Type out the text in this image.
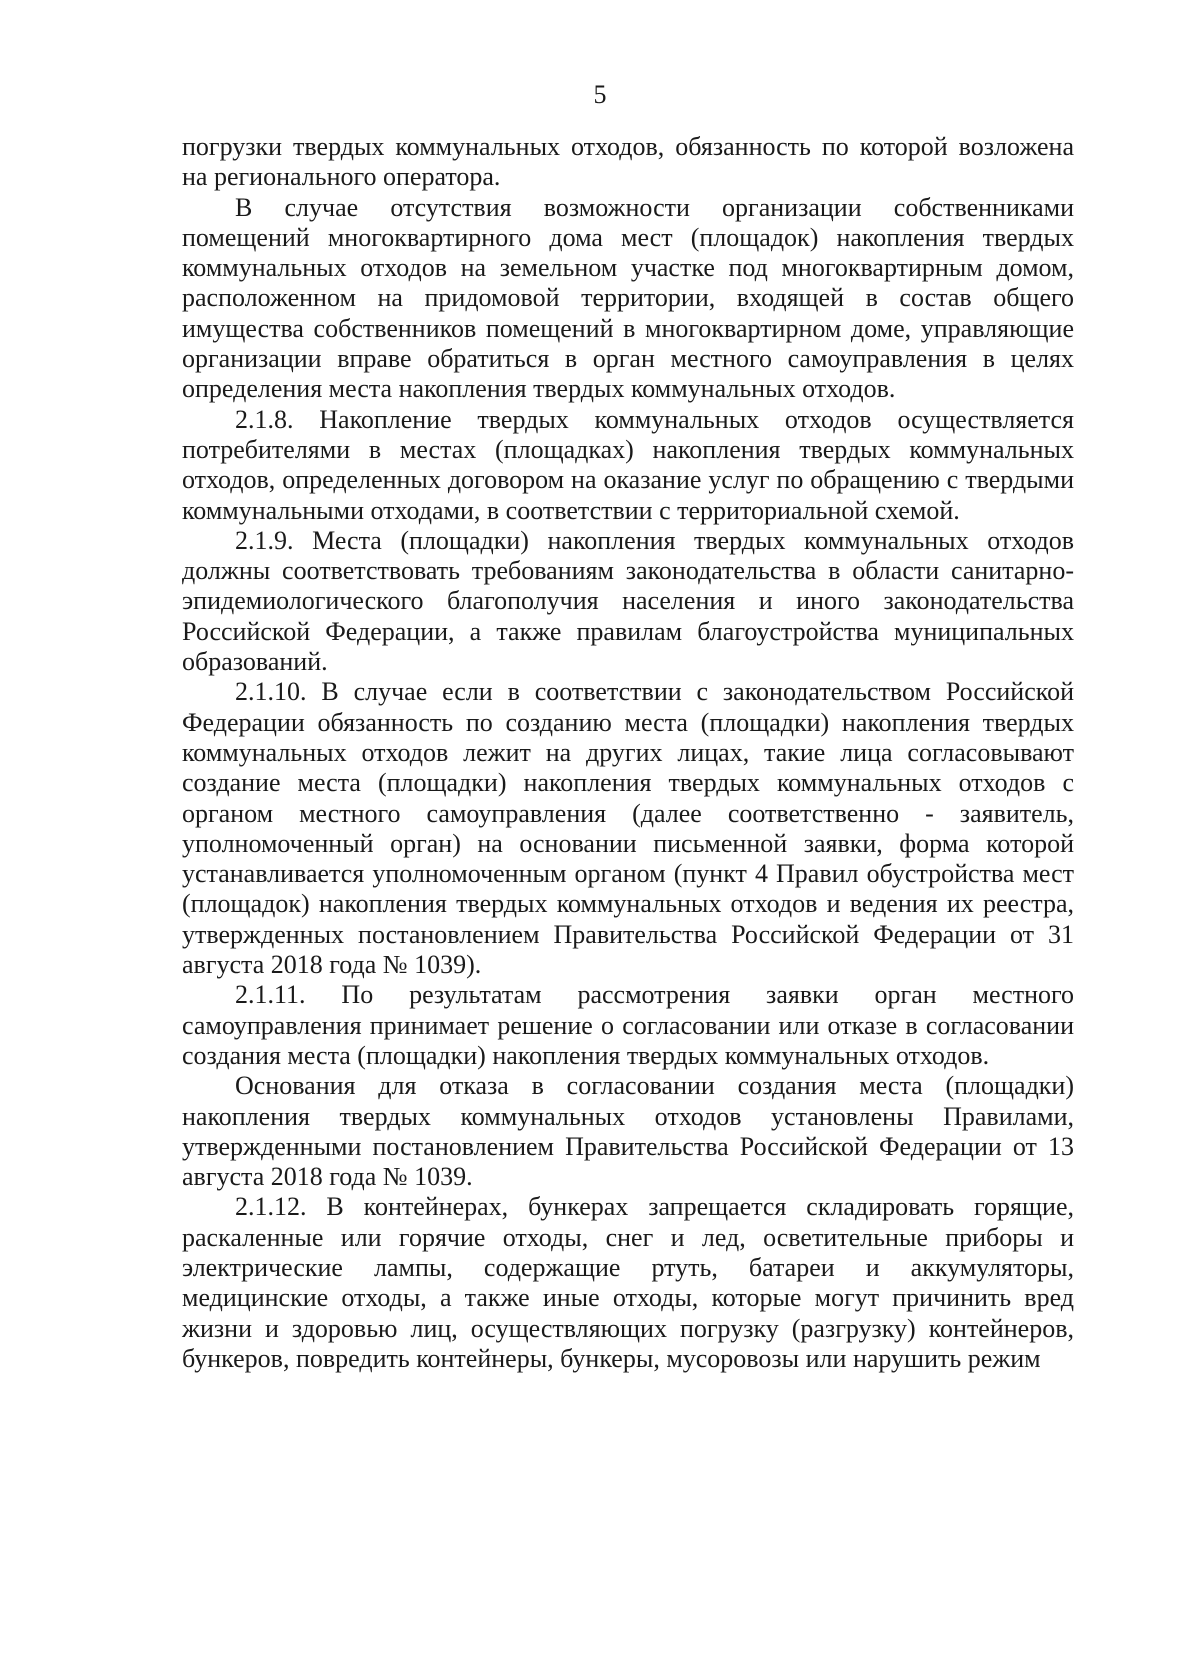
5

погрузки твердых коммунальных отходов, обязанность по которой возложена на регионального оператора.

В случае отсутствия возможности организации собственниками помещений многоквартирного дома мест (площадок) накопления твердых коммунальных отходов на земельном участке под многоквартирным домом, расположенном на придомовой территории, входящей в состав общего имущества собственников помещений в многоквартирном доме, управляющие организации вправе обратиться в орган местного самоуправления в целях определения места накопления твердых коммунальных отходов.

2.1.8. Накопление твердых коммунальных отходов осуществляется потребителями в местах (площадках) накопления твердых коммунальных отходов, определенных договором на оказание услуг по обращению с твердыми коммунальными отходами, в соответствии с территориальной схемой.

2.1.9. Места (площадки) накопления твердых коммунальных отходов должны соответствовать требованиям законодательства в области санитарно-эпидемиологического благополучия населения и иного законодательства Российской Федерации, а также правилам благоустройства муниципальных образований.

2.1.10. В случае если в соответствии с законодательством Российской Федерации обязанность по созданию места (площадки) накопления твердых коммунальных отходов лежит на других лицах, такие лица согласовывают создание места (площадки) накопления твердых коммунальных отходов с органом местного самоуправления (далее соответственно - заявитель, уполномоченный орган) на основании письменной заявки, форма которой устанавливается уполномоченным органом (пункт 4 Правил обустройства мест (площадок) накопления твердых коммунальных отходов и ведения их реестра, утвержденных постановлением Правительства Российской Федерации от 31 августа 2018 года № 1039).

2.1.11. По результатам рассмотрения заявки орган местного самоуправления принимает решение о согласовании или отказе в согласовании создания места (площадки) накопления твердых коммунальных отходов.

Основания для отказа в согласовании создания места (площадки) накопления твердых коммунальных отходов установлены Правилами, утвержденными постановлением Правительства Российской Федерации от 13 августа 2018 года № 1039.

2.1.12. В контейнерах, бункерах запрещается складировать горящие, раскаленные или горячие отходы, снег и лед, осветительные приборы и электрические лампы, содержащие ртуть, батареи и аккумуляторы, медицинские отходы, а также иные отходы, которые могут причинить вред жизни и здоровью лиц, осуществляющих погрузку (разгрузку) контейнеров, бункеров, повредить контейнеры, бункеры, мусоровозы или нарушить режим
